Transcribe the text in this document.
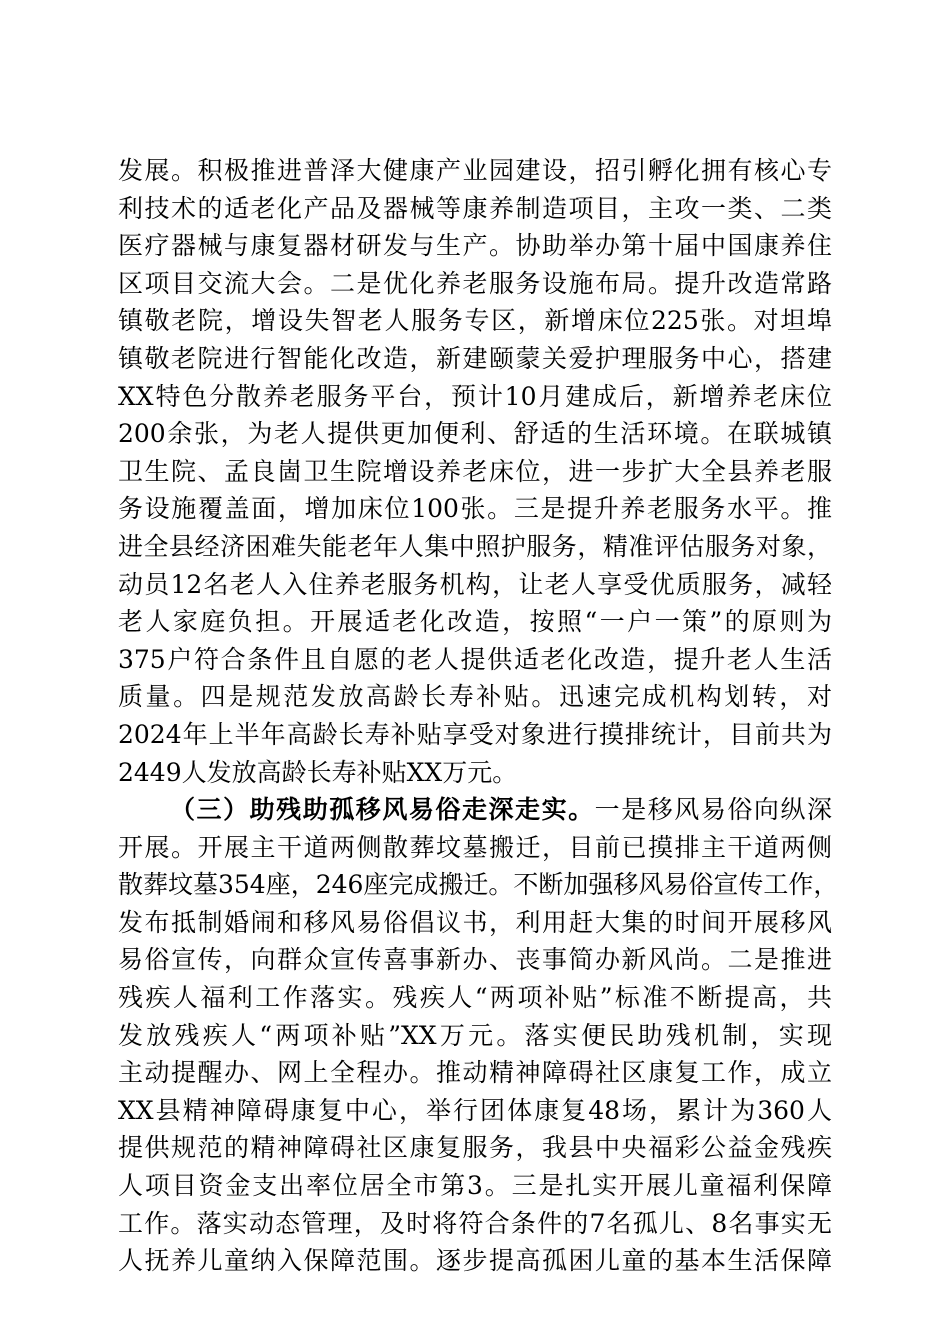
发展。积极推进普泽大健康产业园建设，招引孵化拥有核心专
利技术的适老化产品及器械等康养制造项目，主攻一类、二类
医疗器械与康复器材研发与生产。协助举办第十届中国康养住
区项目交流大会。二是优化养老服务设施布局。提升改造常路
镇敬老院，增设失智老人服务专区，新增床位225张。对坦埠
镇敬老院进行智能化改造，新建颐蒙关爱护理服务中心，搭建
XX特色分散养老服务平台，预计10月建成后，新增养老床位
200余张，为老人提供更加便利、舒适的生活环境。在联城镇
卫生院、孟良崮卫生院增设养老床位，进一步扩大全县养老服
务设施覆盖面，增加床位100张。三是提升养老服务水平。推
进全县经济困难失能老年人集中照护服务，精准评估服务对象，
动员12名老人入住养老服务机构，让老人享受优质服务，减轻
老人家庭负担。开展适老化改造，按照“一户一策”的原则为
375户符合条件且自愿的老人提供适老化改造，提升老人生活
质量。四是规范发放高龄长寿补贴。迅速完成机构划转，对
2024年上半年高龄长寿补贴享受对象进行摸排统计，目前共为
2449人发放高龄长寿补贴XX万元。
（三）助残助孤移风易俗走深走实。一是移风易俗向纵深
开展。开展主干道两侧散葬坟墓搬迁，目前已摸排主干道两侧
散葬坟墓354座，246座完成搬迁。不断加强移风易俗宣传工作，
发布抵制婚闹和移风易俗倡议书，利用赶大集的时间开展移风
易俗宣传，向群众宣传喜事新办、丧事简办新风尚。二是推进
残疾人福利工作落实。残疾人“两项补贴”标准不断提高，共
发放残疾人“两项补贴”XX万元。落实便民助残机制，实现
主动提醒办、网上全程办。推动精神障碍社区康复工作，成立
XX县精神障碍康复中心，举行团体康复48场，累计为360人
提供规范的精神障碍社区康复服务，我县中央福彩公益金残疾
人项目资金支出率位居全市第3。三是扎实开展儿童福利保障
工作。落实动态管理，及时将符合条件的7名孤儿、8名事实无
人抚养儿童纳入保障范围。逐步提高孤困儿童的基本生活保障
